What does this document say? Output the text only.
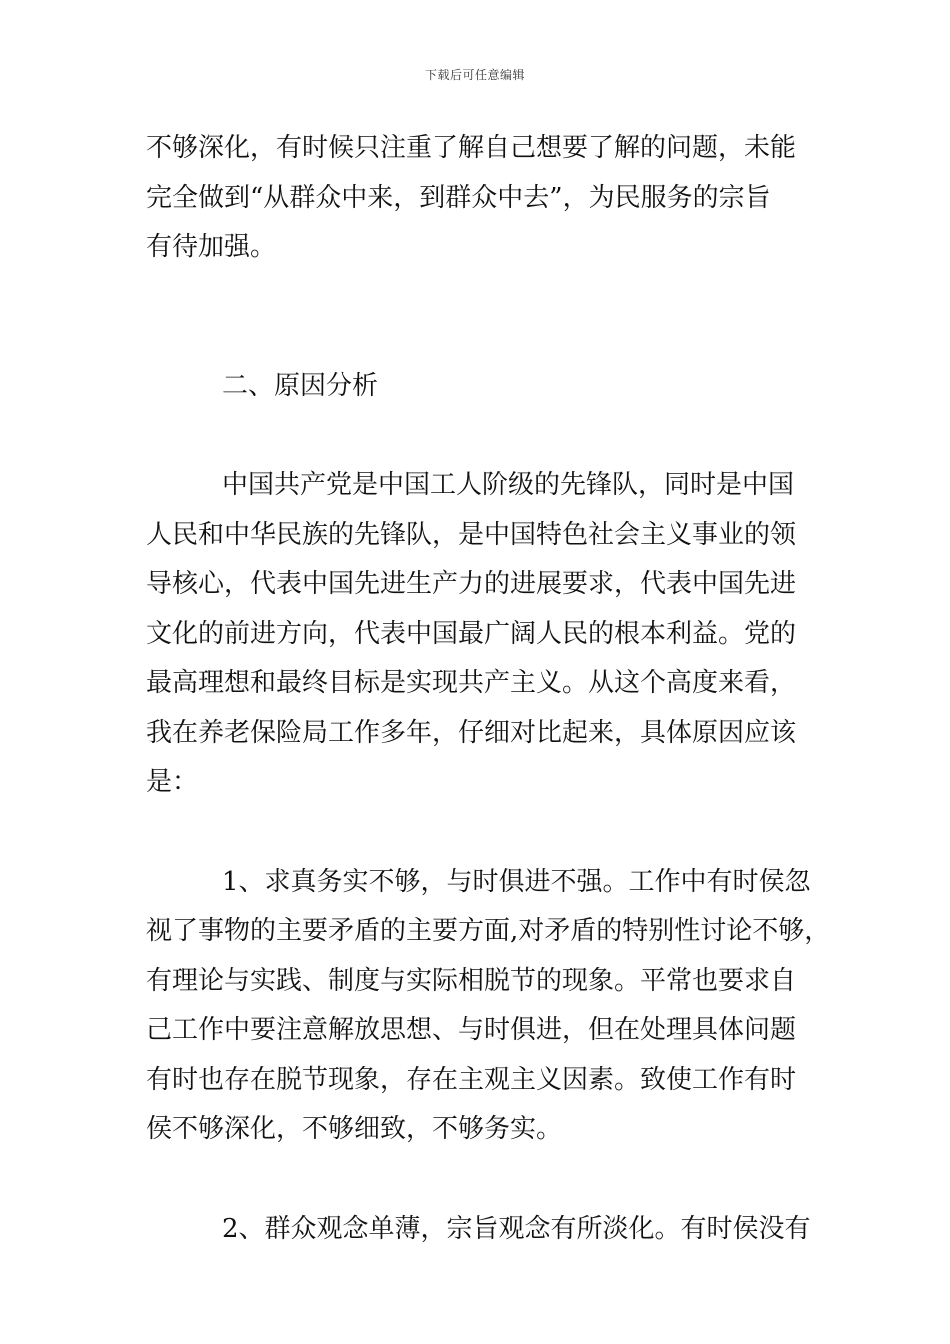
下载后可任意编辑

不够深化，有时候只注重了解自己想要了解的问题，未能
完全做到“从群众中来，到群众中去”，为民服务的宗旨
有待加强。

二、原因分析

中国共产党是中国工人阶级的先锋队，同时是中国
人民和中华民族的先锋队，是中国特色社会主义事业的领
导核心，代表中国先进生产力的进展要求，代表中国先进
文化的前进方向，代表中国最广阔人民的根本利益。党的
最高理想和最终目标是实现共产主义。从这个高度来看，
我在养老保险局工作多年，仔细对比起来，具体原因应该
是：

1、求真务实不够，与时俱进不强。工作中有时侯忽
视了事物的主要矛盾的主要方面,对矛盾的特别性讨论不够，
有理论与实践、制度与实际相脱节的现象。平常也要求自
己工作中要注意解放思想、与时俱进，但在处理具体问题
有时也存在脱节现象，存在主观主义因素。致使工作有时
侯不够深化，不够细致，不够务实。

2、群众观念单薄，宗旨观念有所淡化。有时侯没有
